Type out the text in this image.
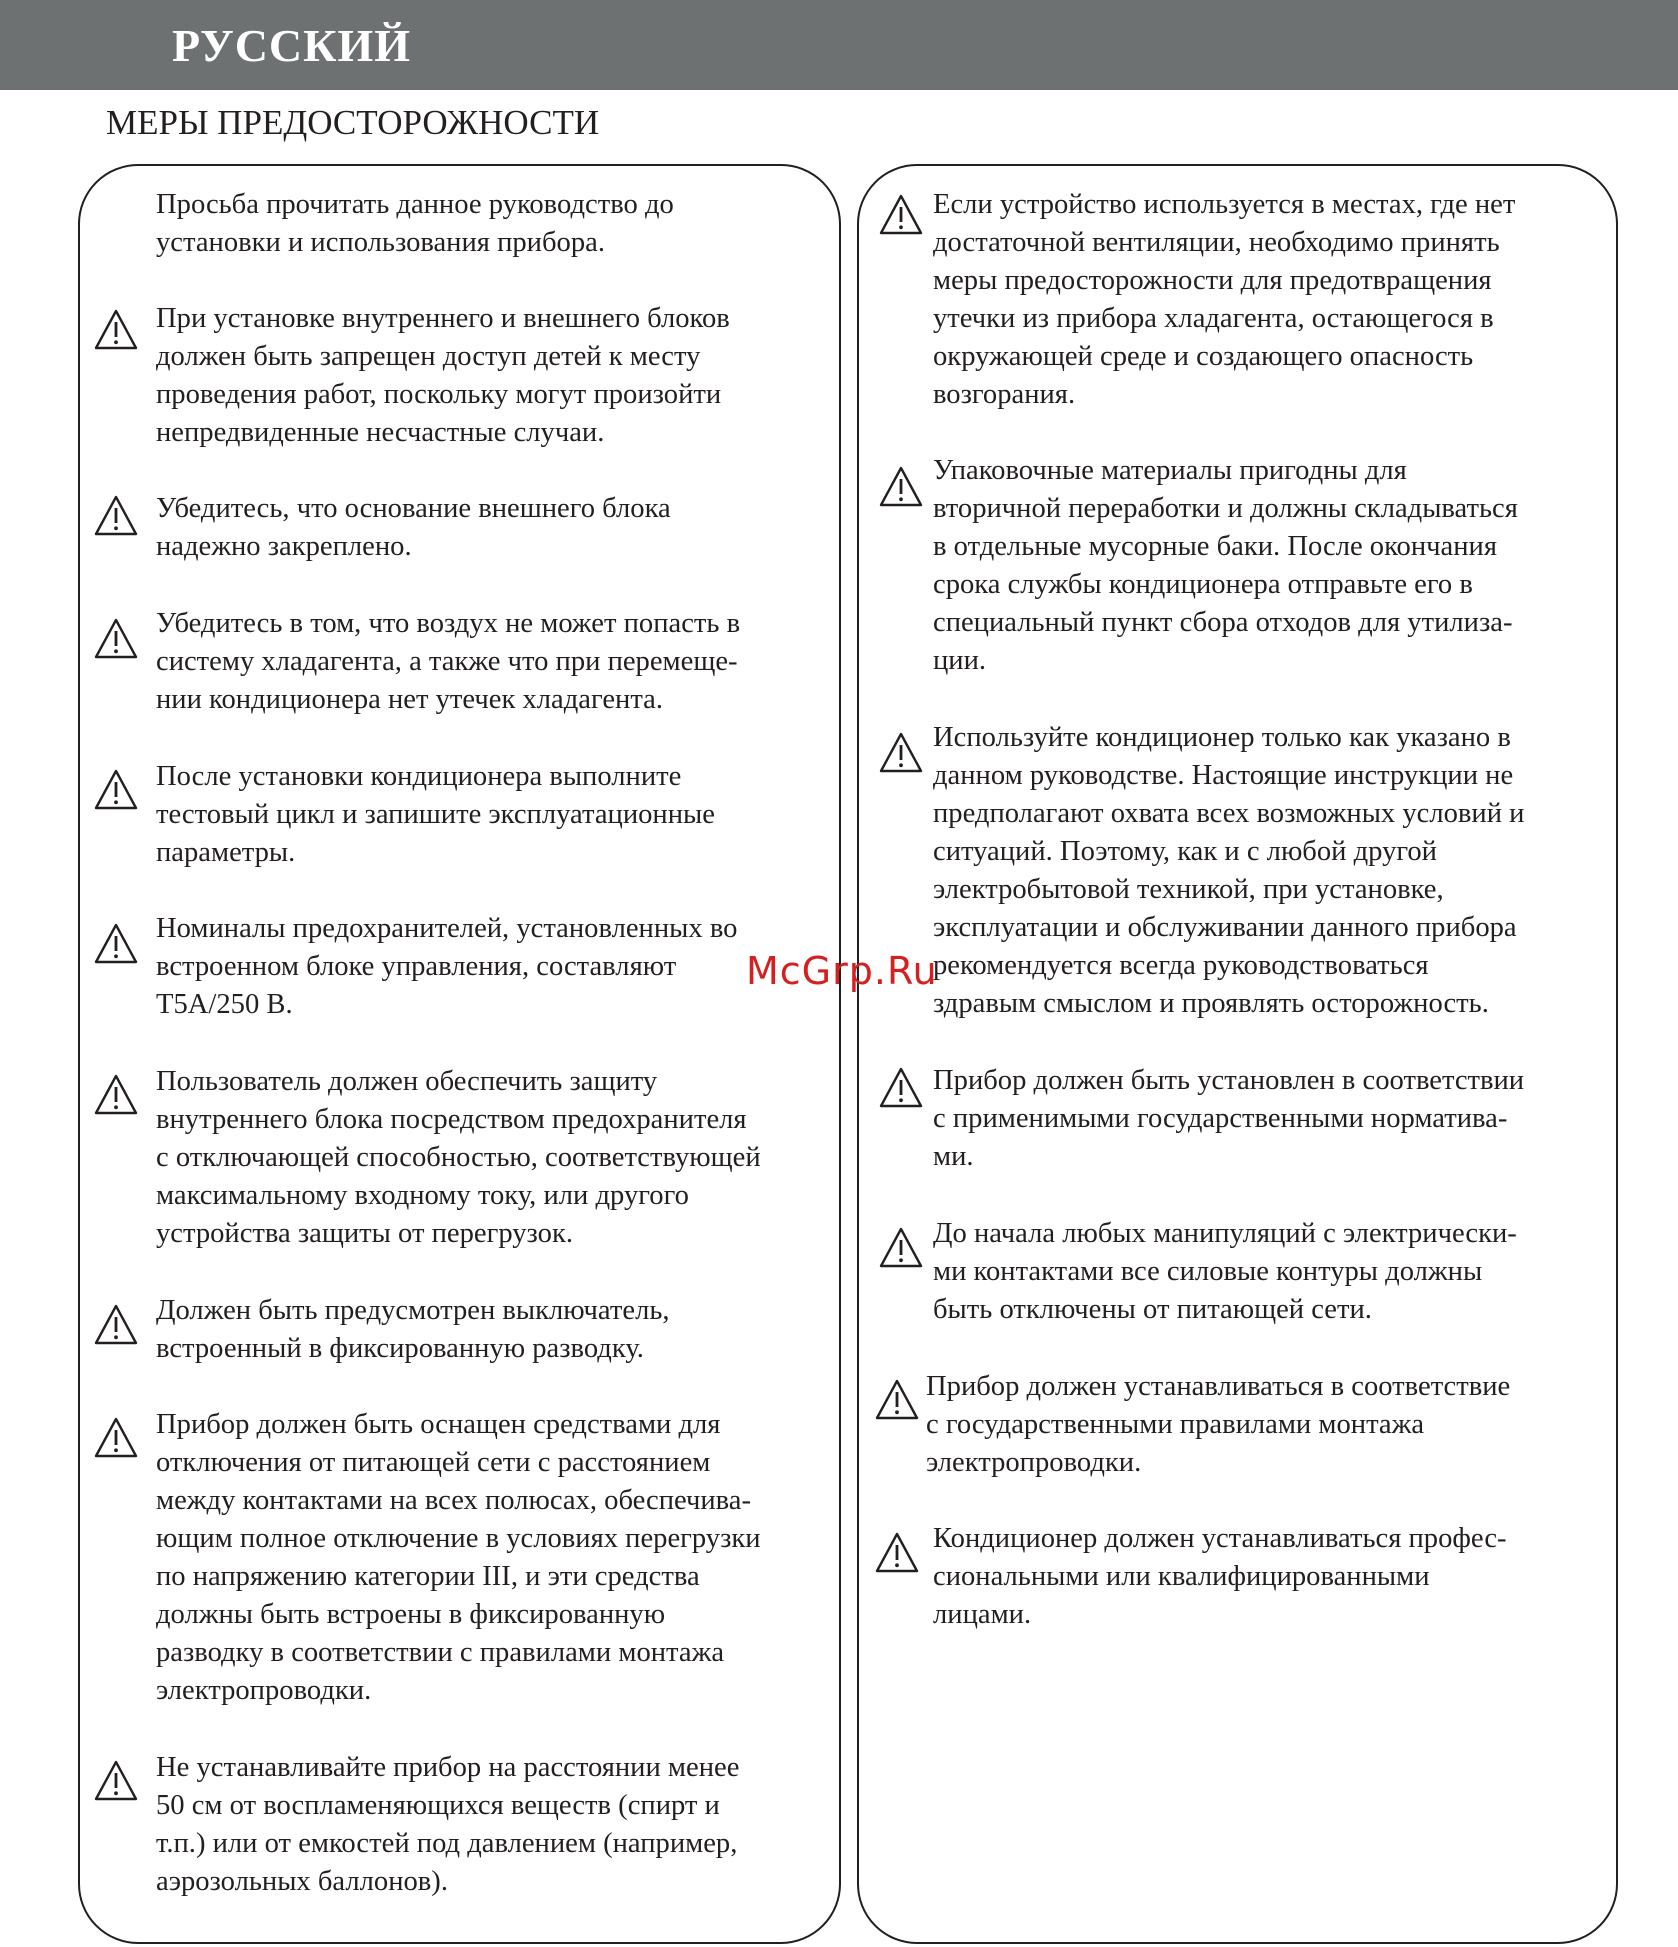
РУССКИЙ
МЕРЫ ПРЕДОСТОРОЖНОСТИ
Просьба прочитать данное руководство до
установки и использования прибора.
При установке внутреннего и внешнего блоков
должен быть запрещен доступ детей к месту
проведения работ, поскольку могут произойти
непредвиденные несчастные случаи.
Убедитесь, что основание внешнего блока
надежно закреплено.
Убедитесь в том, что воздух не может попасть в
систему хладагента, а также что при перемеще-
нии кондиционера нет утечек хладагента.
После установки кондиционера выполните
тестовый цикл и запишите эксплуатационные
параметры.
Номиналы предохранителей, установленных во
встроенном блоке управления, составляют
T5A/250 В.
Пользователь должен обеспечить защиту
внутреннего блока посредством предохранителя
с отключающей способностью, соответствующей
максимальному входному току, или другого
устройства защиты от перегрузок.
Должен быть предусмотрен выключатель,
встроенный в фиксированную разводку.
Прибор должен быть оснащен средствами для
отключения от питающей сети с расстоянием
между контактами на всех полюсах, обеспечива-
ющим полное отключение в условиях перегрузки
по напряжению категории III, и эти средства
должны быть встроены в фиксированную
разводку в соответствии с правилами монтажа
электропроводки.
Не устанавливайте прибор на расстоянии менее
50 см от воспламеняющихся веществ (спирт и
т.п.) или от емкостей под давлением (например,
аэрозольных баллонов).
Если устройство используется в местах, где нет
достаточной вентиляции, необходимо принять
меры предосторожности для предотвращения
утечки из прибора хладагента, остающегося в
окружающей среде и создающего опасность
возгорания.
Упаковочные материалы пригодны для
вторичной переработки и должны складываться
в отдельные мусорные баки. После окончания
срока службы кондиционера отправьте его в
специальный пункт сбора отходов для утилиза-
ции.
Используйте кондиционер только как указано в
данном руководстве. Настоящие инструкции не
предполагают охвата всех возможных условий и
ситуаций. Поэтому, как и с любой другой
электробытовой техникой, при установке,
эксплуатации и обслуживании данного прибора
рекомендуется всегда руководствоваться
здравым смыслом и проявлять осторожность.
Прибор должен быть установлен в соответствии
с применимыми государственными норматива-
ми.
До начала любых манипуляций с электрически-
ми контактами все силовые контуры должны
быть отключены от питающей сети.
Прибор должен устанавливаться в соответствие
с государственными правилами монтажа
электропроводки.
Кондиционер должен устанавливаться профес-
сиональными или квалифицированными
лицами.
McGrp.Ru
